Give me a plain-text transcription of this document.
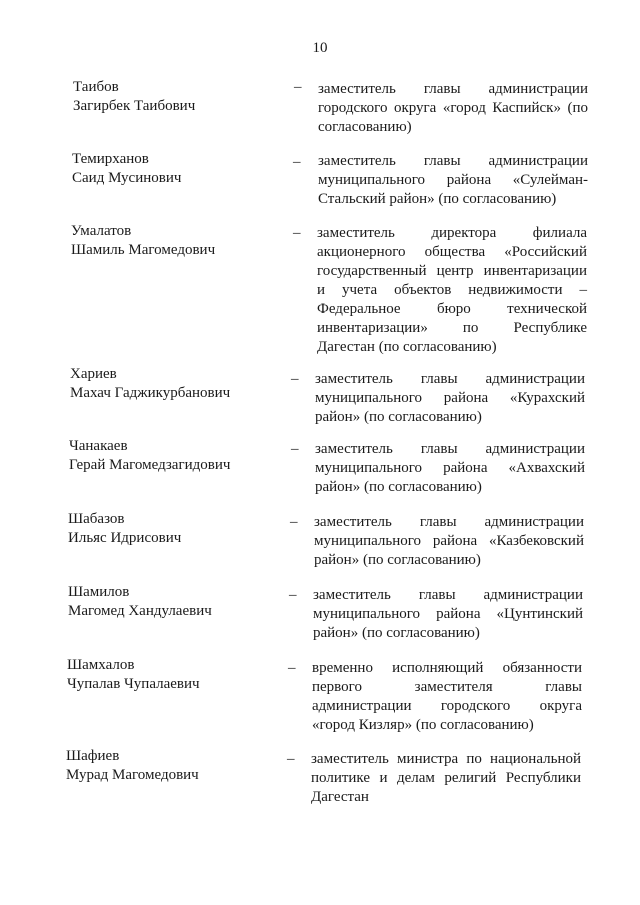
10
Таибов
Загирбек Таибович
– заместитель главы администрации
городского округа «город Каспийск» (по
согласованию)
Темирханов
Саид Мусинович
– заместитель главы администрации
муниципального района «Сулейман-
Стальский район» (по согласованию)
Умалатов
Шамиль Магомедович
– заместитель директора филиала
акционерного общества «Российский
государственный центр инвентаризации
и учета объектов недвижимости –
Федеральное бюро технической
инвентаризации» по Республике
Дагестан (по согласованию)
Хариев
Махач Гаджикурбанович
– заместитель главы администрации
муниципального района «Курахский
район» (по согласованию)
Чанакаев
Герай Магомедзагидович
– заместитель главы администрации
муниципального района «Ахвахский
район» (по согласованию)
Шабазов
Ильяс Идрисович
– заместитель главы администрации
муниципального района «Казбековский
район» (по согласованию)
Шамилов
Магомед Хандулаевич
– заместитель главы администрации
муниципального района «Цунтинский
район» (по согласованию)
Шамхалов
Чупалав Чупалаевич
– временно исполняющий обязанности
первого заместителя главы
администрации городского округа
«город Кизляр» (по согласованию)
Шафиев
Мурад Магомедович
– заместитель министра по национальной
политике и делам религий Республики
Дагестан
